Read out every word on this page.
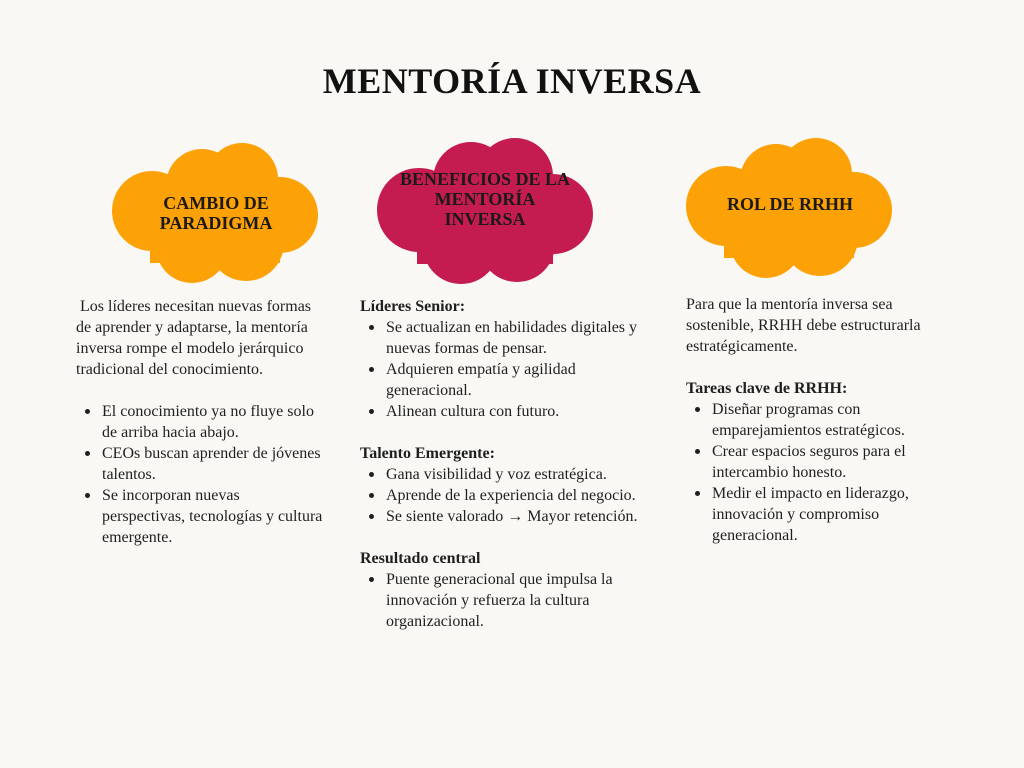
MENTORÍA INVERSA
CAMBIO DE
PARADIGMA
BENEFICIOS DE LA
MENTORÍA
INVERSA
ROL DE RRHH

Los líderes necesitan nuevas formas de aprender y adaptarse, la mentoría inversa rompe el modelo jerárquico tradicional del conocimiento.

El conocimiento ya no fluye solo de arriba hacia abajo.
CEOs buscan aprender de jóvenes talentos.
Se incorporan nuevas perspectivas, tecnologías y cultura emergente.

Líderes Senior:

Se actualizan en habilidades digitales y nuevas formas de pensar.
Adquieren empatía y agilidad generacional.
Alinean cultura con futuro.

Talento Emergente:

Gana visibilidad y voz estratégica.
Aprende de la experiencia del negocio.
Se siente valorado → Mayor retención.

Resultado central

Puente generacional que impulsa la innovación y refuerza la cultura organizacional.

Para que la mentoría inversa sea sostenible, RRHH debe estructurarla estratégicamente.

Tareas clave de RRHH:

Diseñar programas con emparejamientos estratégicos.
Crear espacios seguros para el intercambio honesto.
Medir el impacto en liderazgo, innovación y compromiso generacional.
